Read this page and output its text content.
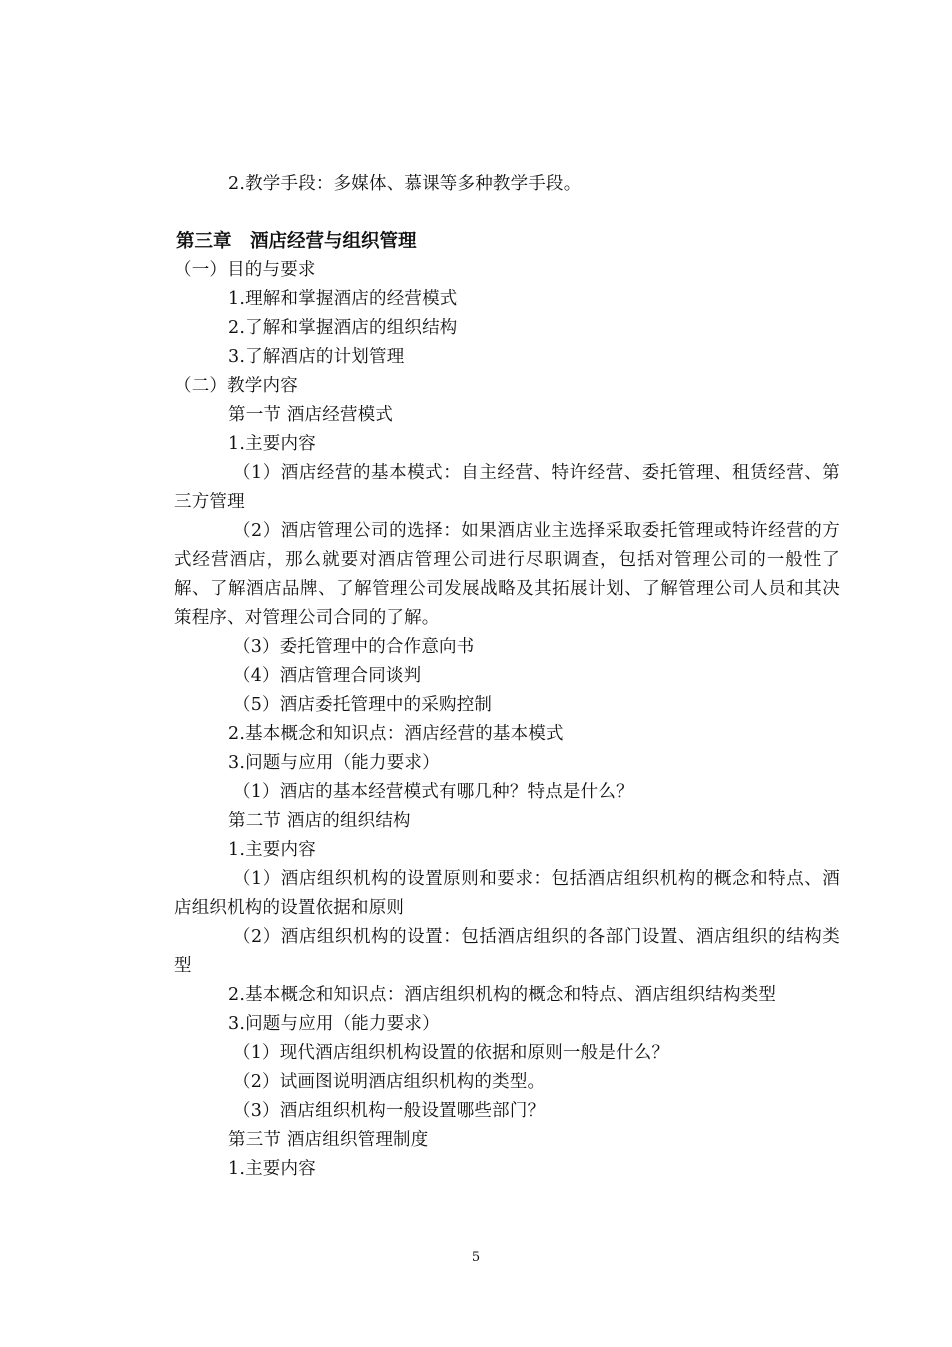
2.教学手段：多媒体、慕课等多种教学手段。
第三章　酒店经营与组织管理
（一）目的与要求
1.理解和掌握酒店的经营模式
2.了解和掌握酒店的组织结构
3.了解酒店的计划管理
（二）教学内容
第一节 酒店经营模式
1.主要内容
（1）酒店经营的基本模式：自主经营、特许经营、委托管理、租赁经营、第三方管理
（2）酒店管理公司的选择：如果酒店业主选择采取委托管理或特许经营的方式经营酒店，那么就要对酒店管理公司进行尽职调查，包括对管理公司的一般性了解、了解酒店品牌、了解管理公司发展战略及其拓展计划、了解管理公司人员和其决策程序、对管理公司合同的了解。
（3）委托管理中的合作意向书
（4）酒店管理合同谈判
（5）酒店委托管理中的采购控制
2.基本概念和知识点：酒店经营的基本模式
3.问题与应用（能力要求）
（1）酒店的基本经营模式有哪几种？特点是什么？
第二节 酒店的组织结构
1.主要内容
（1）酒店组织机构的设置原则和要求：包括酒店组织机构的概念和特点、酒店组织机构的设置依据和原则
（2）酒店组织机构的设置：包括酒店组织的各部门设置、酒店组织的结构类型
2.基本概念和知识点：酒店组织机构的概念和特点、酒店组织结构类型
3.问题与应用（能力要求）
（1）现代酒店组织机构设置的依据和原则一般是什么？
（2）试画图说明酒店组织机构的类型。
（3）酒店组织机构一般设置哪些部门？
第三节 酒店组织管理制度
1.主要内容
5
